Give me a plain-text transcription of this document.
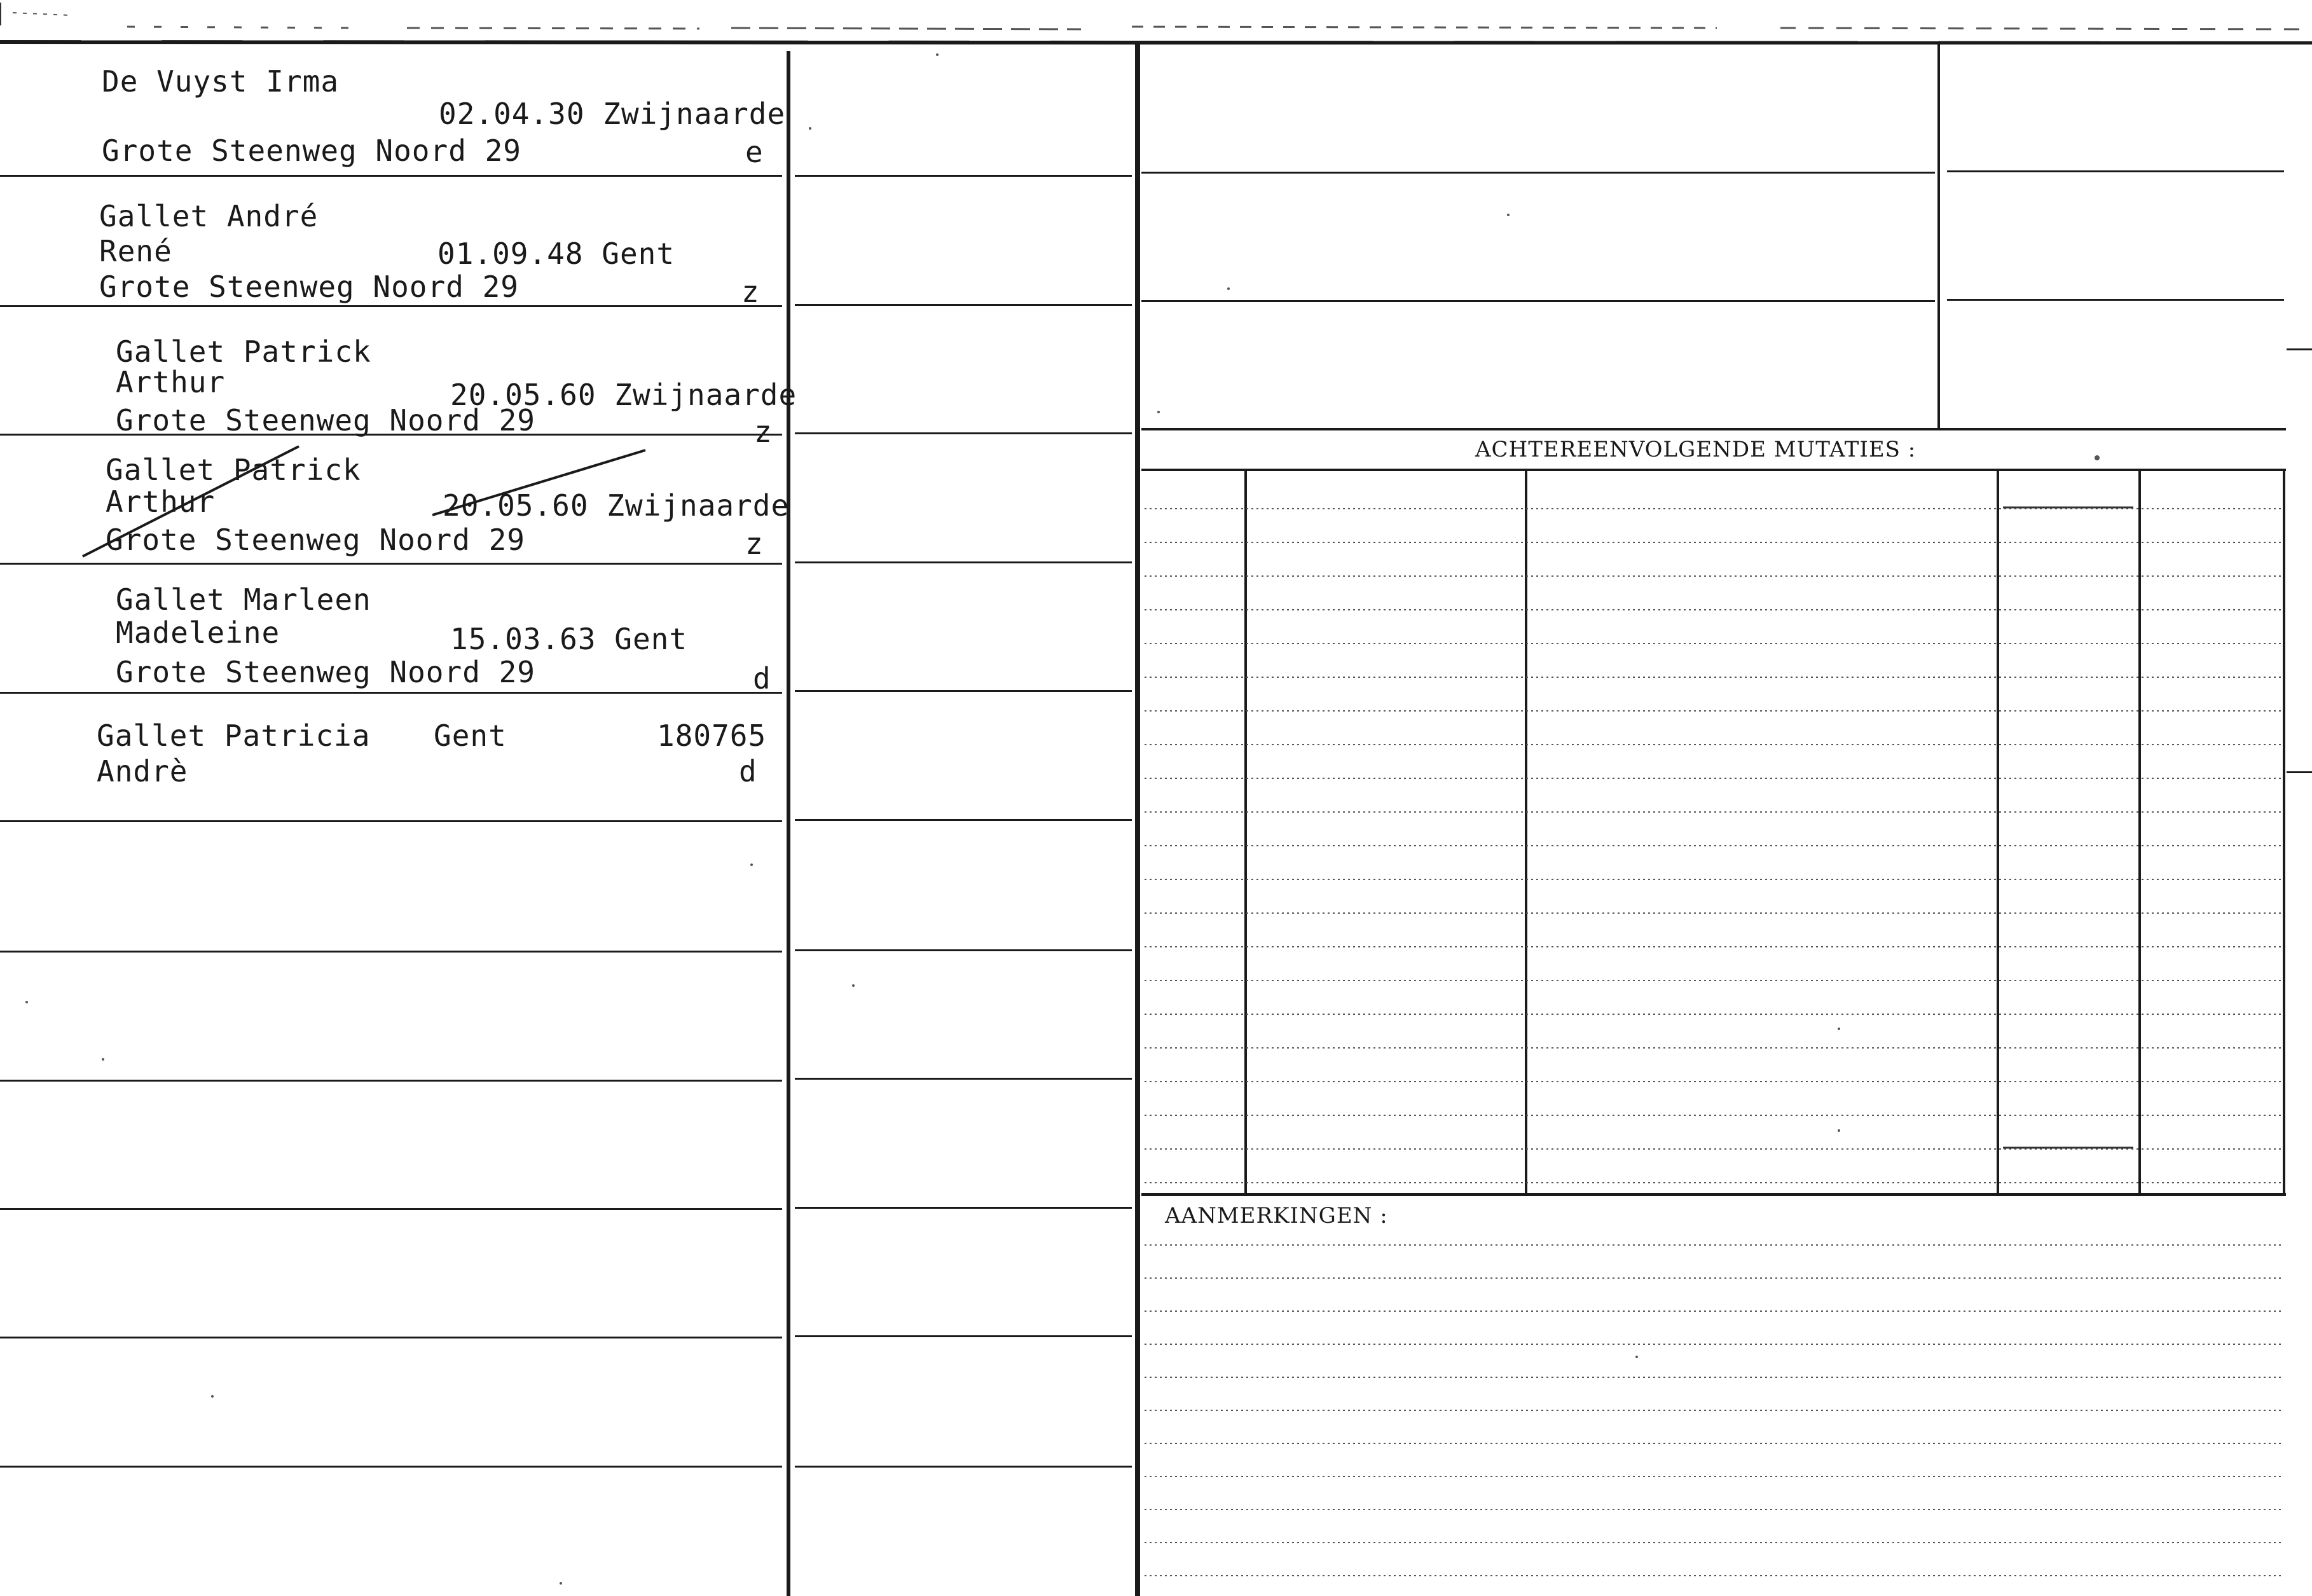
ACHTEREENVOLGENDE MUTATIES :
AANMERKINGEN :
De Vuyst Irma
02.04.30 Zwijnaarde
Grote Steenweg Noord 29	e
Gallet André
René	01.09.48 Gent
Grote Steenweg Noord 29	z
Gallet Patrick
Arthur	20.05.60 Zwijnaarde
Grote Steenweg Noord 29	z
Gallet Patrick
Arthur	20.05.60 Zwijnaarde
Grote Steenweg Noord 29	z
Gallet Marleen
Madeleine	15.03.63 Gent
Grote Steenweg Noord 29	d
Gallet Patricia Gent	180765
Andrè	d
